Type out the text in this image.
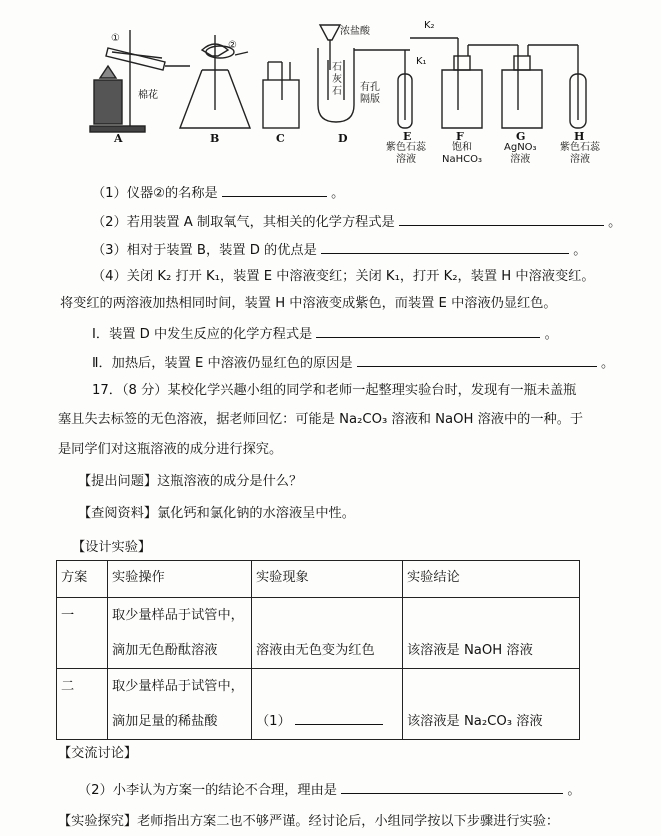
①
②
棉花
浓盐酸
石
灰
石 有孔
隔版
K₂
K₁
A	B	C	D	E	F	G	H
紫色石蕊
溶液
饱和
NaHCO₃
AgNO₃
溶液
紫色石蕊
溶液
（1）仪器②的名称是	。
（2）若用装置 A 制取氧气，其相关的化学方程式是	。
（3）相对于装置 B，装置 D 的优点是	。
（4）关闭 K₂ 打开 K₁，装置 E 中溶液变红；关闭 K₁，打开 K₂，装置 H 中溶液变红。
将变红的两溶液加热相同时间，装置 H 中溶液变成紫色，而装置 E 中溶液仍显红色。
Ⅰ．装置 D 中发生反应的化学方程式是	。
Ⅱ．加热后，装置 E 中溶液仍显红色的原因是	。
17．（8 分）某校化学兴趣小组的同学和老师一起整理实验台时，发现有一瓶未盖瓶
塞且失去标签的无色溶液，据老师回忆：可能是 Na₂CO₃ 溶液和 NaOH 溶液中的一种。于
是同学们对这瓶溶液的成分进行探究。
【提出问题】这瓶溶液的成分是什么？
【查阅资料】氯化钙和氯化钠的水溶液呈中性。
【设计实验】
方案	实验操作	实验现象	实验结论

一	取少量样品于试管中，
滴加无色酚酞溶液	溶液由无色变为红色	该溶液是 NaOH 溶液

二	取少量样品于试管中，
滴加足量的稀盐酸	（1）	该溶液是 Na₂CO₃ 溶液
【交流讨论】
（2）小李认为方案一的结论不合理，理由是	。
【实验探究】老师指出方案二也不够严谨。经讨论后，小组同学按以下步骤进行实验：
